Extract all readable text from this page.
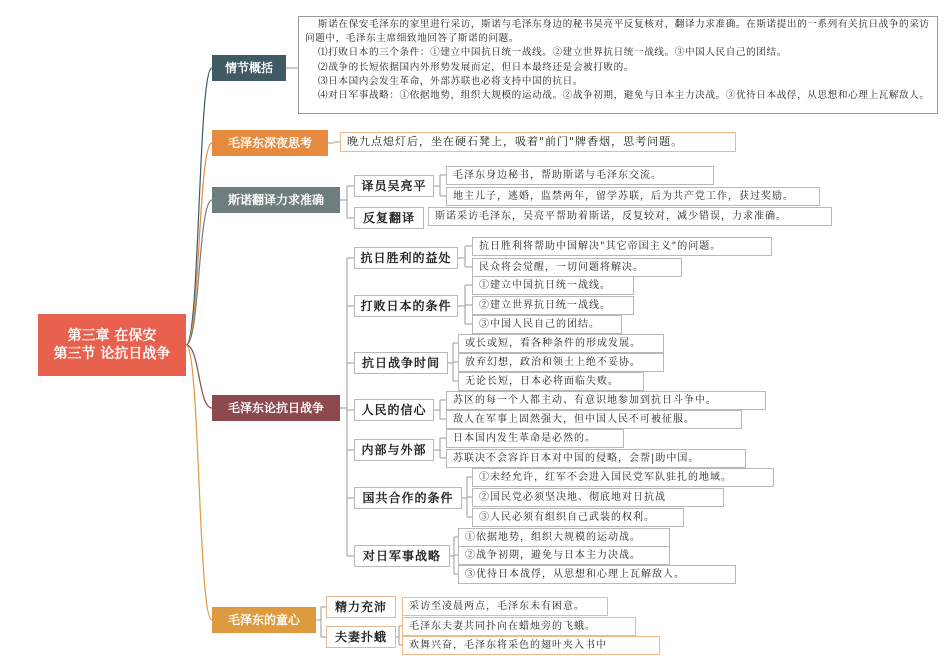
第三章 在保安
第三节 论抗日战争
情节概括

斯诺在保安毛泽东的家里进行采访，斯诺与毛泽东身边的秘书吴亮平反复核对，翻译力求准确。在斯诺提出的一系列有关抗日战争的采访问题中，毛泽东主席细致地回答了斯诺的问题。

⑴打败日本的三个条件：①建立中国抗日统一战线。②建立世界抗日统一战线。③中国人民自己的团结。

⑵战争的长短依据国内外形势发展而定，但日本最终还是会被打败的。

⑶日本国内会发生革命，外部苏联也必将支持中国的抗日。

⑷对日军事战略：①依据地势，组织大规模的运动战。②战争初期，避免与日本主力决战。③优待日本战俘，从思想和心理上瓦解敌人。

毛泽东深夜思考	晚九点熄灯后，坐在硬石凳上，吸着"前门"牌香烟，思考问题。
斯诺翻译力求准确
译员吴亮平
毛泽东身边秘书，帮助斯诺与毛泽东交流。
地主儿子，逃婚，监禁两年，留学苏联，后为共产党工作，获过奖励。
反复翻译	斯诺采访毛泽东，吴亮平帮助着斯诺，反复较对，减少错误，力求准确。
毛泽东论抗日战争
抗日胜利的益处
抗日胜利将帮助中国解决"其它帝国主义"的问题。
民众将会觉醒，一切问题将解决。
打败日本的条件
①建立中国抗日统一战线。
②建立世界抗日统一战线。
③中国人民自己的团结。
抗日战争时间
或长或短，看各种条件的形成发展。
放弃幻想，政治和领土上绝不妥协。
无论长短，日本必将面临失败。
人民的信心
苏区的每一个人都主动、有意识地参加到抗日斗争中。
敌人在军事上固然强大，但中国人民不可被征服。
内部与外部
日本国内发生革命是必然的。
苏联决不会容许日本对中国的侵略，会帮|助中国。
国共合作的条件
①未经允许，红军不会进入国民党军队驻扎的地域。
②国民党必须坚决地、彻底地对日抗战
③人民必须有组织自己武装的权利。
对日军事战略
①依据地势，组织大规模的运动战。
②战争初期，避免与日本主力决战。
③优待日本战俘，从思想和心理上瓦解敌人。
毛泽东的童心
精力充沛	采访至凌晨两点，毛泽东未有困意。
夫妻扑蛾
毛泽东夫妻共同扑向在蜡烛旁的飞蛾。
欢舞兴奋，毛泽东将采色的翅叶夹入书中
